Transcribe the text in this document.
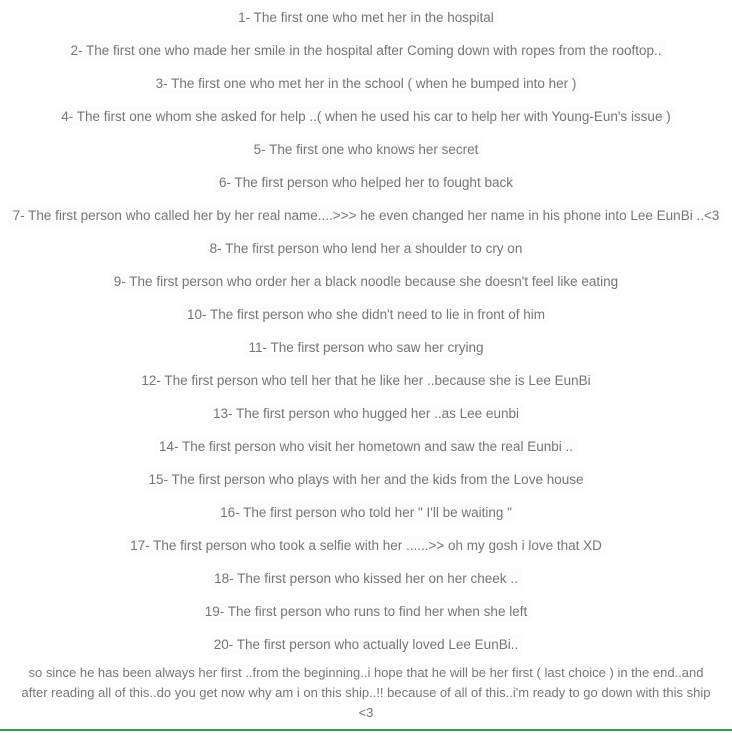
1- The first one who met her in the hospital
2- The first one who made her smile in the hospital after Coming down with ropes from the rooftop..
3- The first one who met her in the school ( when he bumped into her )
4- The first one whom she asked for help ..( when he used his car to help her with Young-Eun's issue )
5- The first one who knows her secret
6- The first person who helped her to fought back
7- The first person who called her by her real name....>>> he even changed her name in his phone into Lee EunBi ..<3
8- The first person who lend her a shoulder to cry on
9- The first person who order her a black noodle because she doesn't feel like eating
10- The first person who she didn't need to lie in front of him
11- The first person who saw her crying
12- The first person who tell her that he like her ..because she is Lee EunBi
13- The first person who hugged her ..as Lee eunbi
14- The first person who visit her hometown and saw the real Eunbi ..
15- The first person who plays with her and the kids from the Love house
16- The first person who told her " I'll be waiting "
17- The first person who took a selfie with her ......>> oh my gosh i love that XD
18- The first person who kissed her on her cheek ..
19- The first person who runs to find her when she left
20- The first person who actually loved Lee EunBi..
so since he has been always her first ..from the beginning..i hope that he will be her first ( last choice ) in the end..and
after reading all of this..do you get now why am i on this ship..!! because of all of this..i'm ready to go down with this ship
<3
